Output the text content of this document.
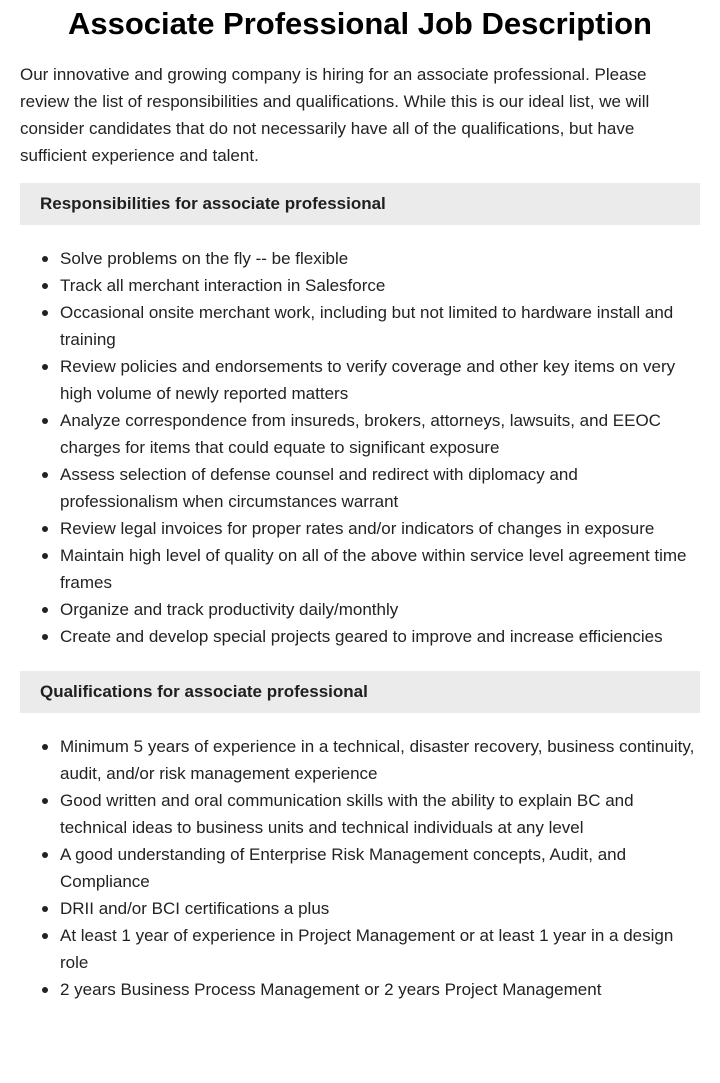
Associate Professional Job Description

Our innovative and growing company is hiring for an associate professional. Please review the list of responsibilities and qualifications. While this is our ideal list, we will consider candidates that do not necessarily have all of the qualifications, but have sufficient experience and talent.

Responsibilities for associate professional
Solve problems on the fly -- be flexible
Track all merchant interaction in Salesforce
Occasional onsite merchant work, including but not limited to hardware install and training
Review policies and endorsements to verify coverage and other key items on very high volume of newly reported matters
Analyze correspondence from insureds, brokers, attorneys, lawsuits, and EEOC charges for items that could equate to significant exposure
Assess selection of defense counsel and redirect with diplomacy and professionalism when circumstances warrant
Review legal invoices for proper rates and/or indicators of changes in exposure
Maintain high level of quality on all of the above within service level agreement time frames
Organize and track productivity daily/monthly
Create and develop special projects geared to improve and increase efficiencies
Qualifications for associate professional
Minimum 5 years of experience in a technical, disaster recovery, business continuity, audit, and/or risk management experience
Good written and oral communication skills with the ability to explain BC and technical ideas to business units and technical individuals at any level
A good understanding of Enterprise Risk Management concepts, Audit, and Compliance
DRII and/or BCI certifications a plus
At least 1 year of experience in Project Management or at least 1 year in a design role
2 years Business Process Management or 2 years Project Management
